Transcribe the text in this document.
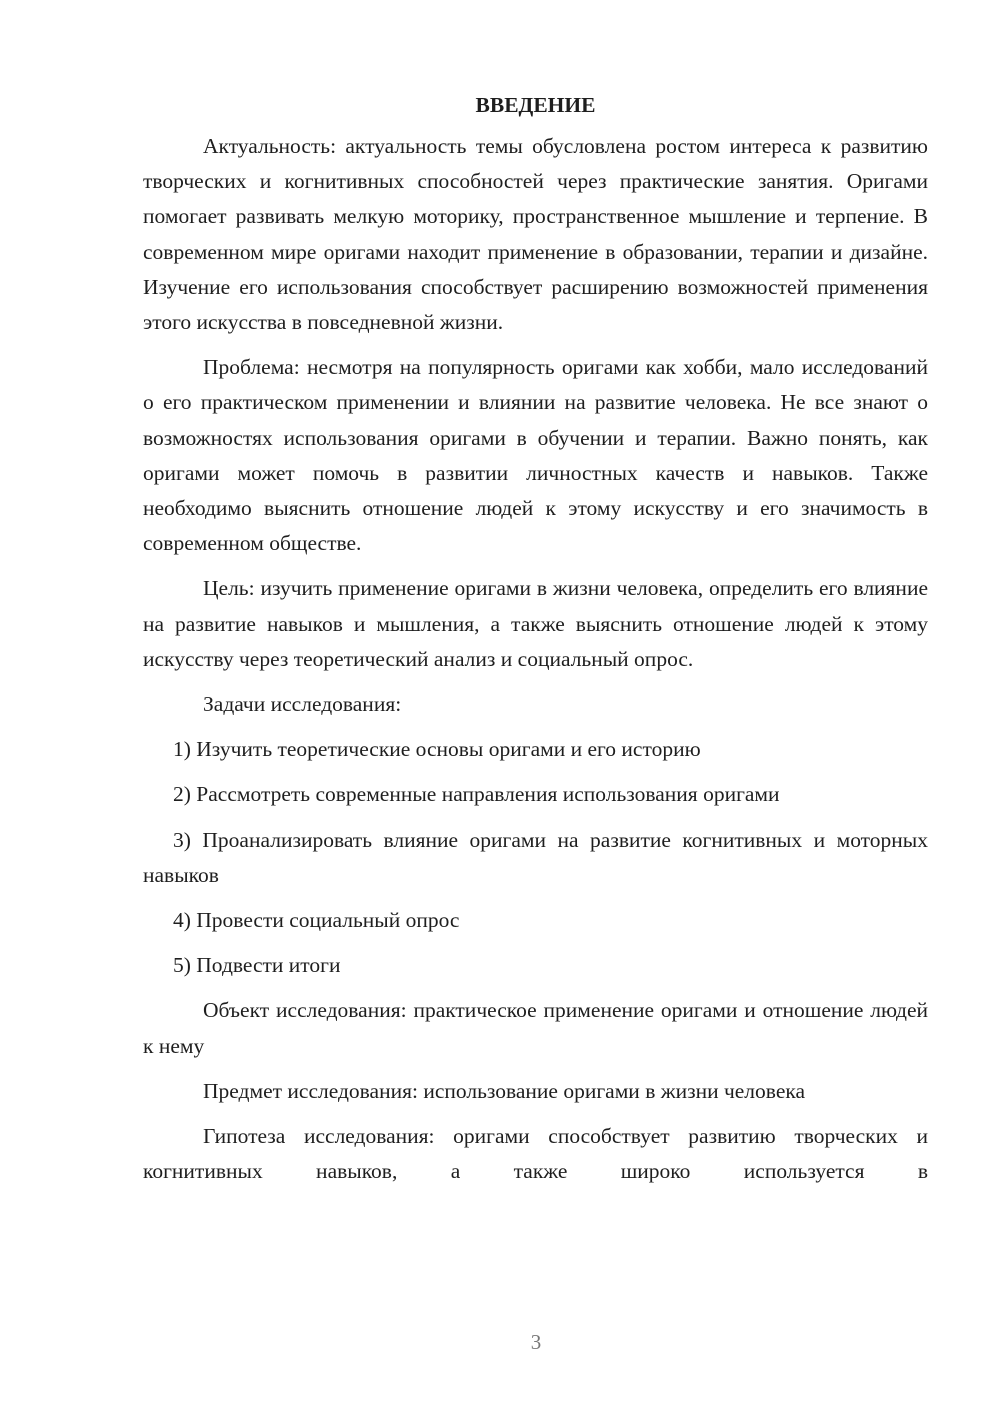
ВВЕДЕНИЕ

Актуальность: актуальность темы обусловлена ростом интереса к развитию творческих и когнитивных способностей через практические занятия. Оригами помогает развивать мелкую моторику, пространственное мышление и терпение. В современном мире оригами находит применение в образовании, терапии и дизайне. Изучение его использования способствует расширению возможностей применения этого искусства в повседневной жизни.

Проблема: несмотря на популярность оригами как хобби, мало исследований о его практическом применении и влиянии на развитие человека. Не все знают о возможностях использования оригами в обучении и терапии. Важно понять, как оригами может помочь в развитии личностных качеств и навыков. Также необходимо выяснить отношение людей к этому искусству и его значимость в современном обществе.

Цель: изучить применение оригами в жизни человека, определить его влияние на развитие навыков и мышления, а также выяснить отношение людей к этому искусству через теоретический анализ и социальный опрос.

Задачи исследования:

1) Изучить теоретические основы оригами и его историю

2) Рассмотреть современные направления использования оригами

3) Проанализировать влияние оригами на развитие когнитивных и моторных навыков

4) Провести социальный опрос

5) Подвести итоги

Объект исследования: практическое применение оригами и отношение людей к нему

Предмет исследования: использование оригами в жизни человека

Гипотеза исследования: оригами способствует развитию творческих и когнитивных навыков, а также широко используется в

3
